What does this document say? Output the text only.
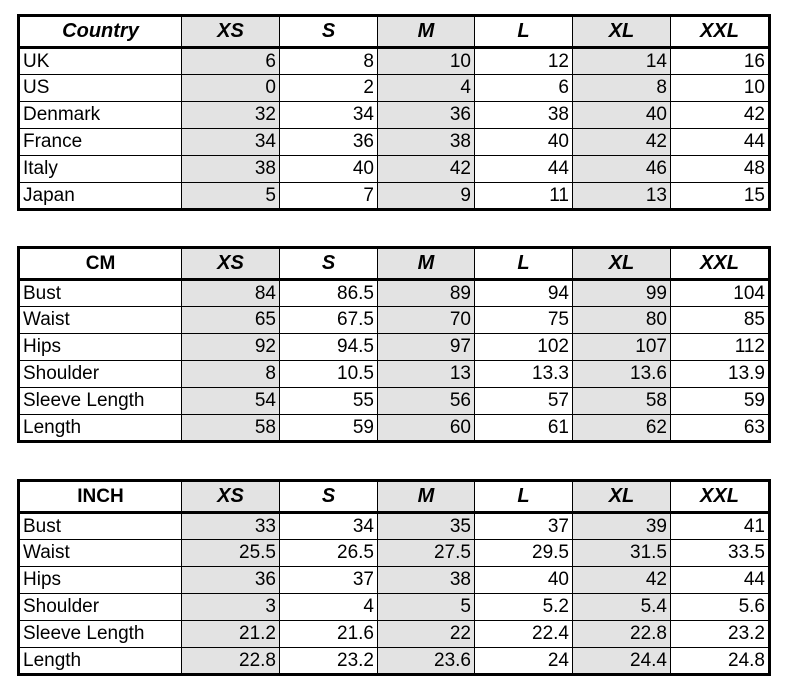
Country	XS	S	M	L	XL	XXL
UK	6	8	10	12	14	16
US	0	2	4	6	8	10
Denmark	32	34	36	38	40	42
France	34	36	38	40	42	44
Italy	38	40	42	44	46	48
Japan	5	7	9	11	13	15
CM	XS	S	M	L	XL	XXL
Bust	84	86.5	89	94	99	104
Waist	65	67.5	70	75	80	85
Hips	92	94.5	97	102	107	112
Shoulder	8	10.5	13	13.3	13.6	13.9
Sleeve Length	54	55	56	57	58	59
Length	58	59	60	61	62	63
INCH	XS	S	M	L	XL	XXL
Bust	33	34	35	37	39	41
Waist	25.5	26.5	27.5	29.5	31.5	33.5
Hips	36	37	38	40	42	44
Shoulder	3	4	5	5.2	5.4	5.6
Sleeve Length	21.2	21.6	22	22.4	22.8	23.2
Length	22.8	23.2	23.6	24	24.4	24.8
